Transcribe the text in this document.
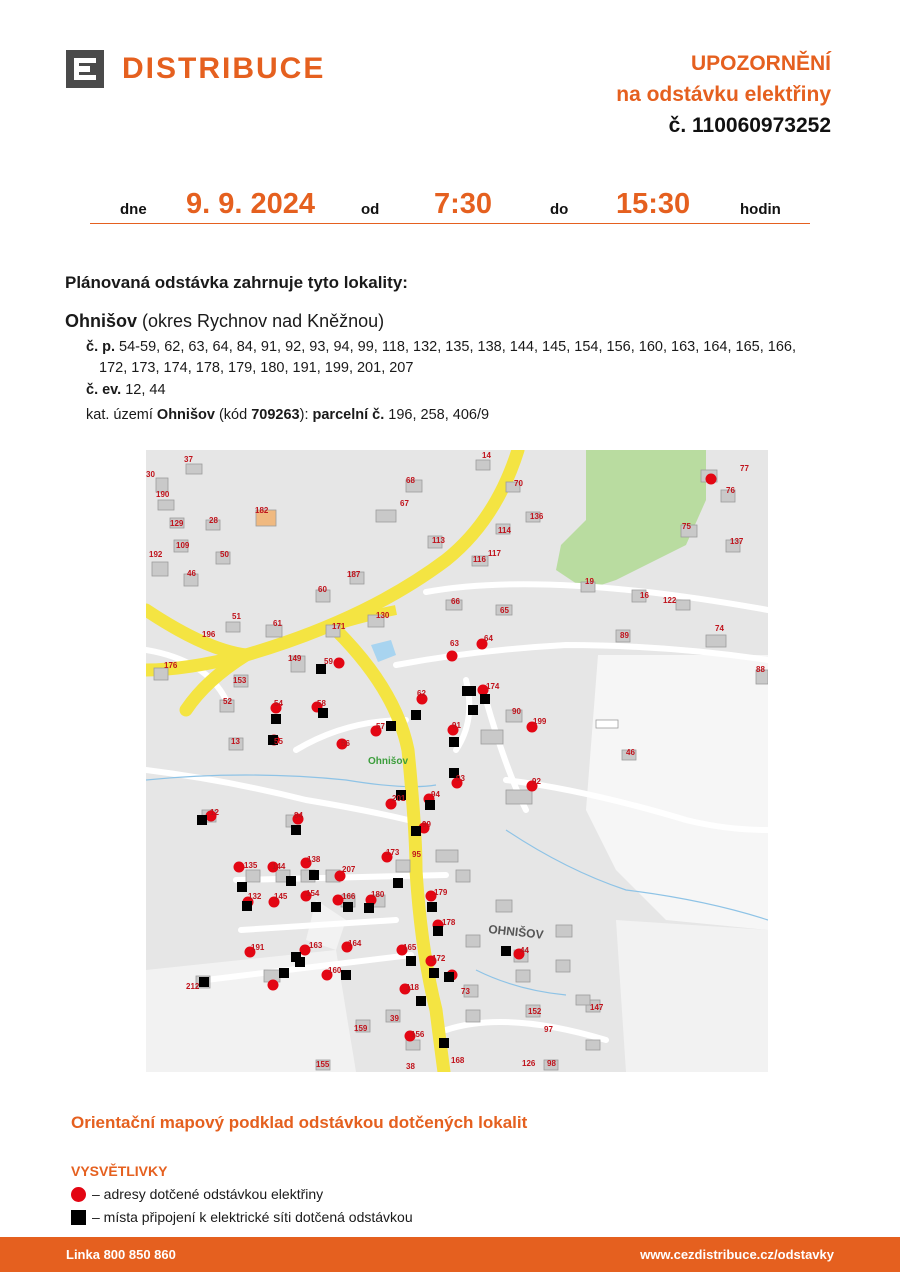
DISTRIBUCE	UPOZORNĚNÍ
na odstávku elektřiny
č. 110060973252
dne 9. 9. 2024	od 7:30	do 15:30	hodin
Plánovaná odstávka zahrnuje tyto lokality:
Ohnišov (okres Rychnov nad Kněžnou)
č. p. 54-59, 62, 63, 64, 84, 91, 92, 93, 94, 99, 118, 132, 135, 138, 144, 145, 154, 156, 160, 163, 164, 165, 166,
172, 173, 174, 178, 179, 180, 191, 199, 201, 207
č. ev. 12, 44
kat. území Ohnišov (kód 709263): parcelní č. 196, 258, 406/9
37
30
190
182
129	28
109
50
192
46
14
68	70
67
136
114
113
116
117
187
60
66
65
130
171
61
196
51
176
149	59
153
52	54	58
57
56
55
13
63
64
174
62
90
199
91
93	92
46
201	94
99
173 95
12	84
135 144
138
207
132 145 154	166 180	179
178
191	163	164	165
172
160
212	118	73
44
152	147
97
159
39
156
168	126 98
155	38
77
76
75
137
19
16
122
89
74
88
Ohnišov
OHNIŠOV
Orientační mapový podklad odstávkou dotčených lokalit
VYSVĚTLIVKY
– adresy dotčené odstávkou elektřiny
– místa připojení k elektrické síti dotčená odstávkou
Linka 800 850 860	www.cezdistribuce.cz/odstavky
